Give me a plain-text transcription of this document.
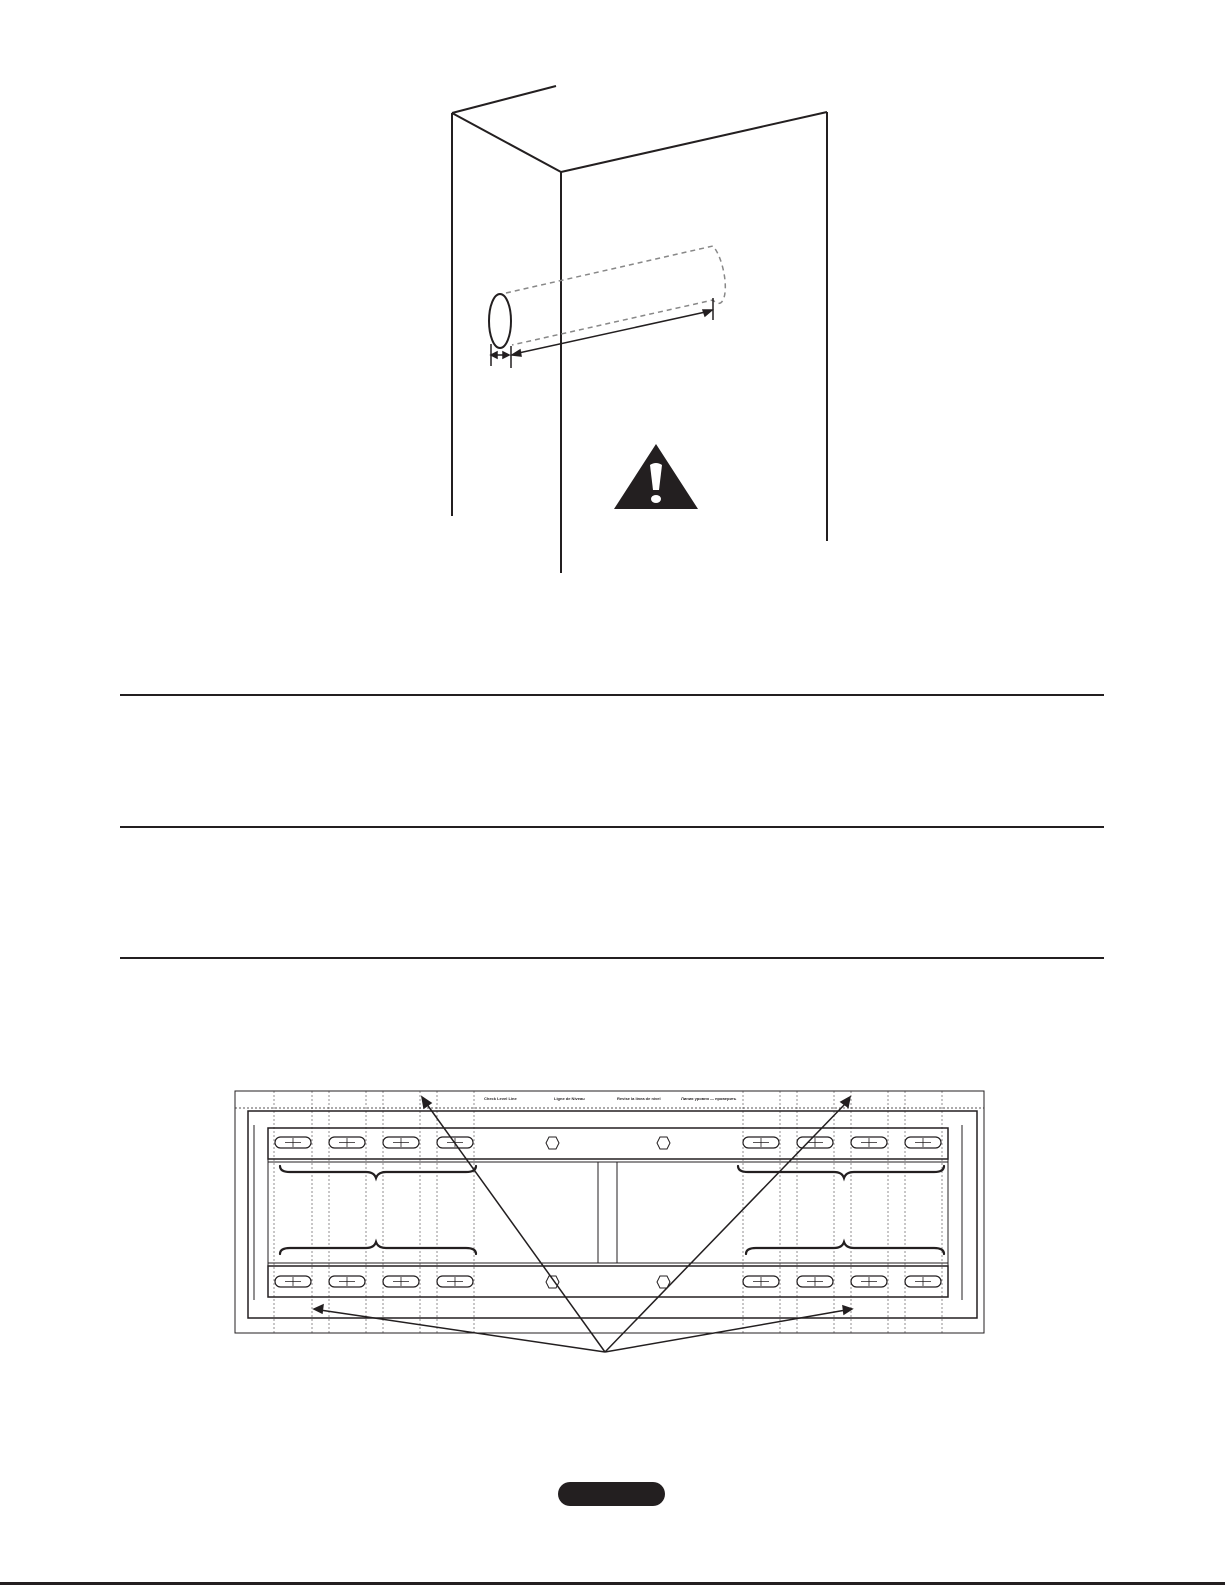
Check Level Line	Ligne de Niveau	Revise la línea de nivel	Линия уровня — проверить
